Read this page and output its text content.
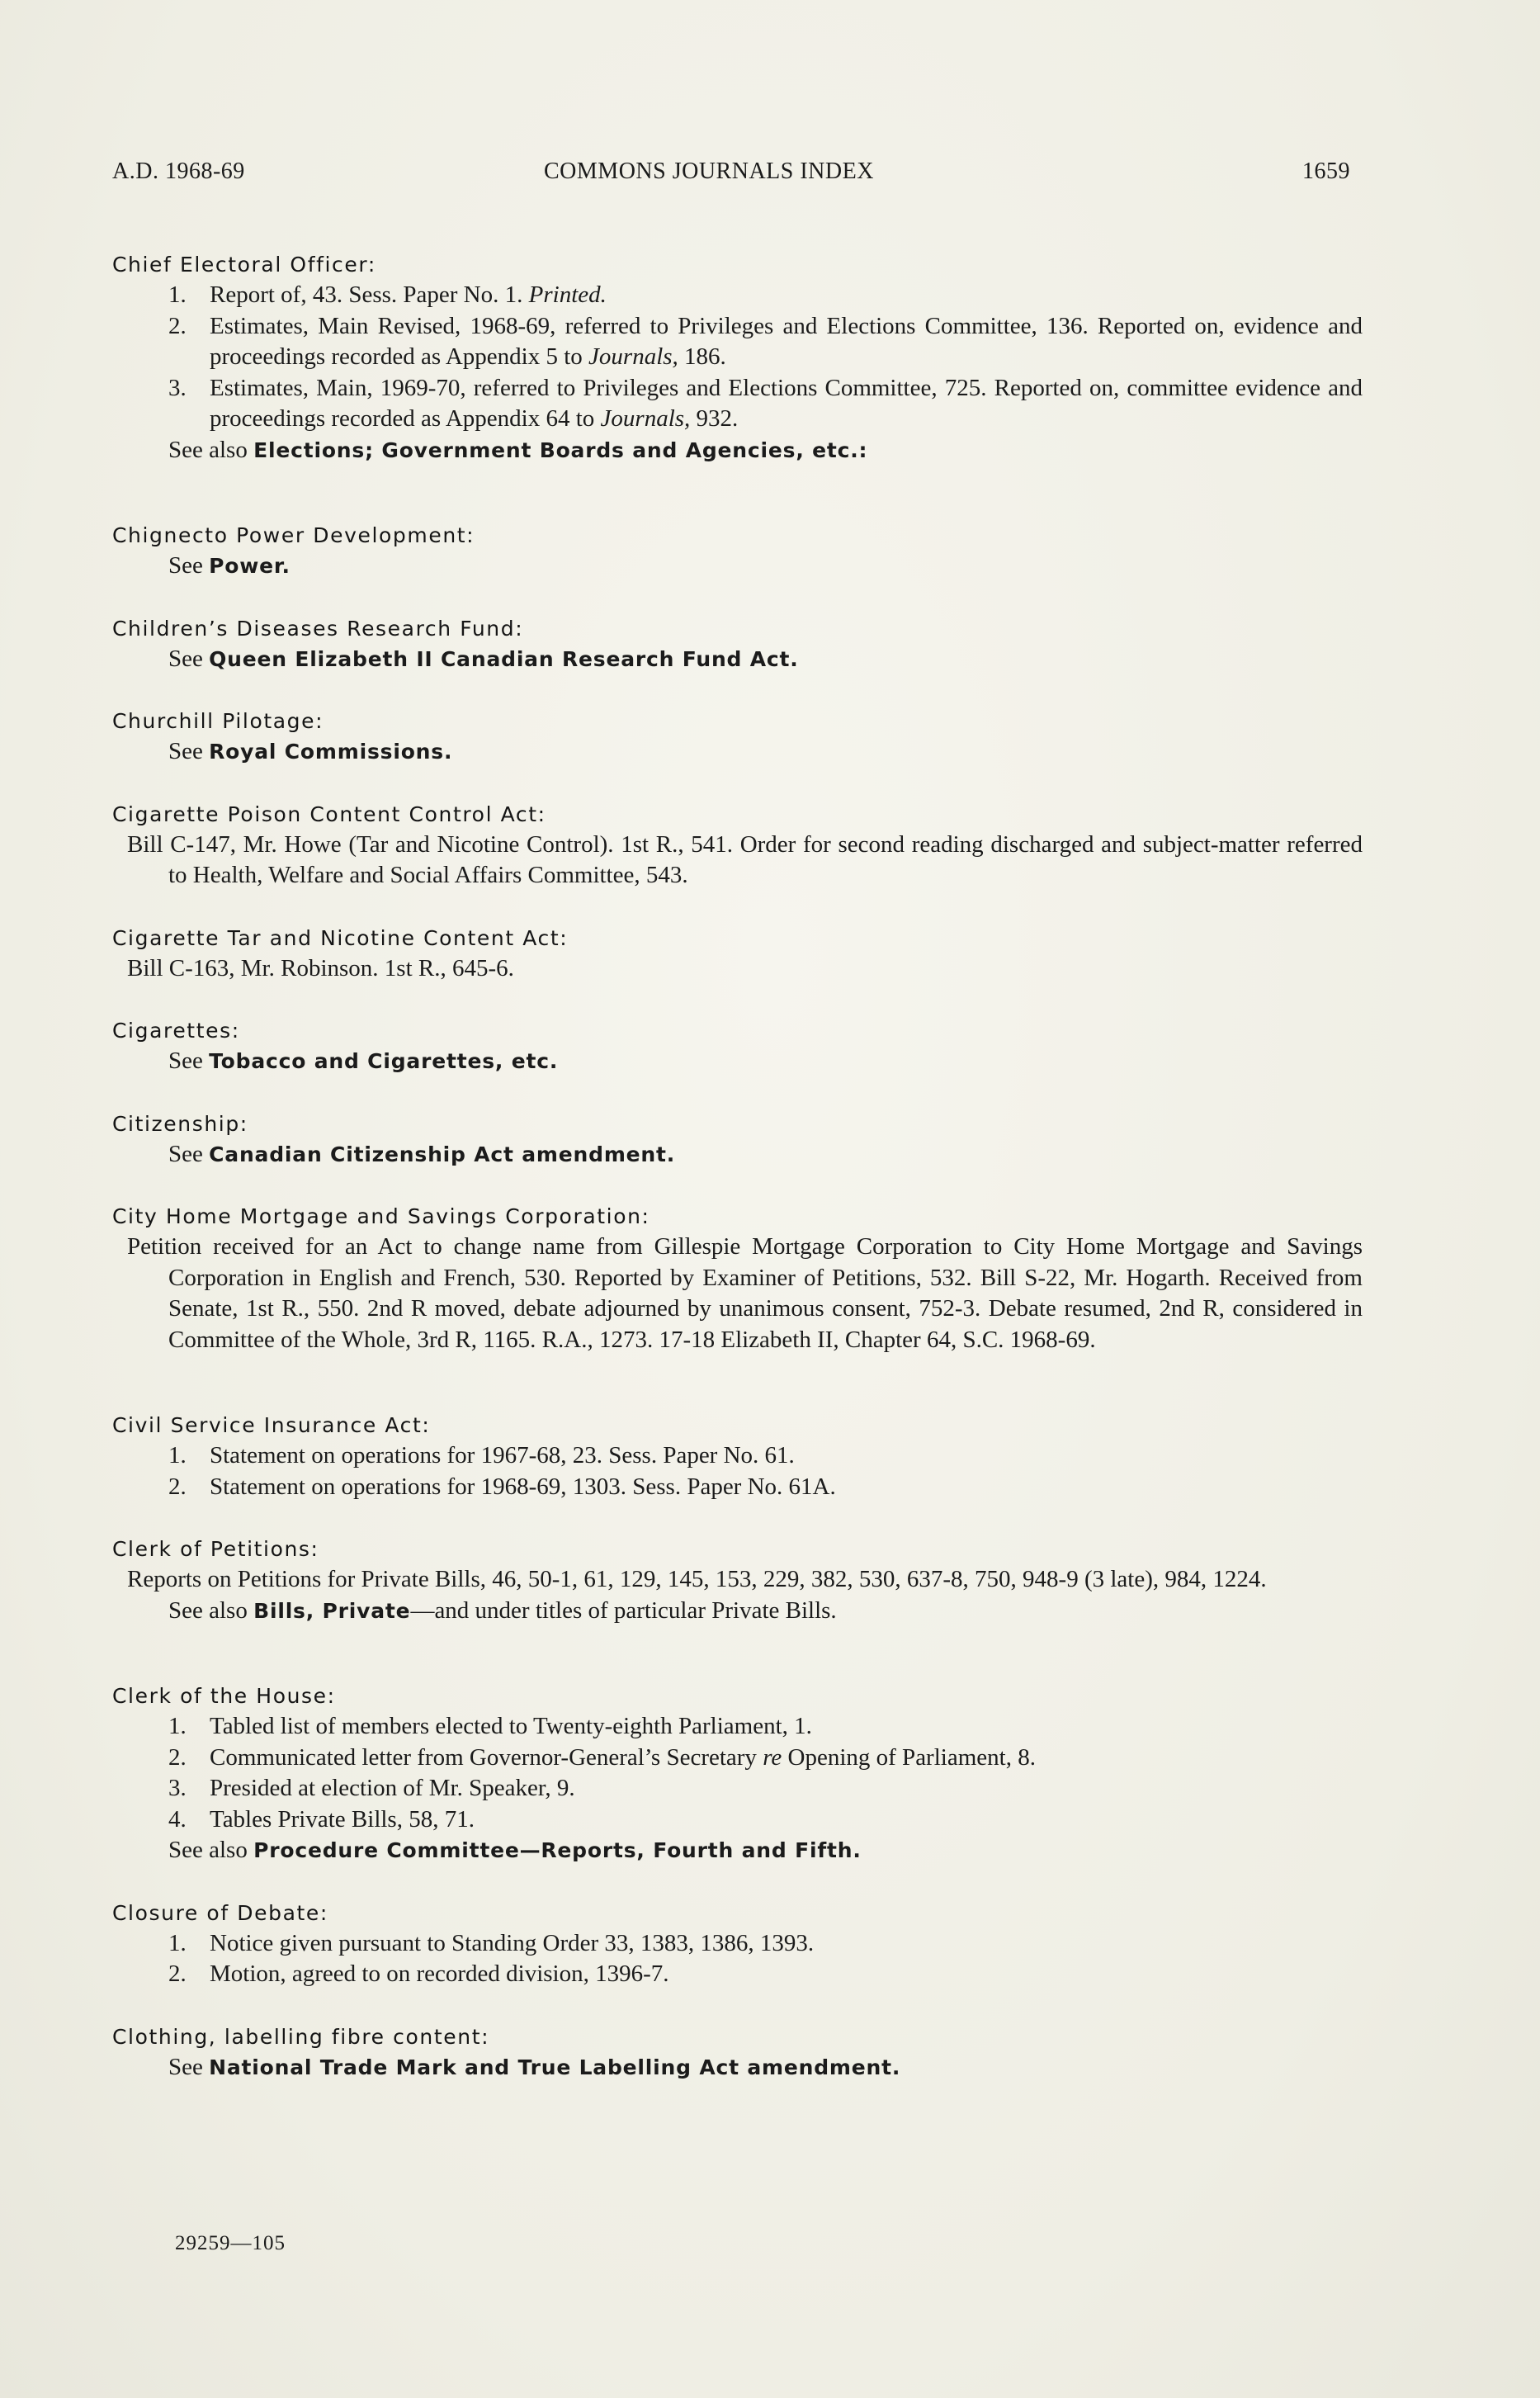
A.D. 1968-69	COMMONS JOURNALS INDEX	1659
Chief Electoral Officer:
1. Report of, 43. Sess. Paper No. 1. Printed.
2. Estimates, Main Revised, 1968-69, referred to Privileges and Elections Committee, 136. Reported on, evidence and proceedings recorded as Appendix 5 to Journals, 186.
3. Estimates, Main, 1969-70, referred to Privileges and Elections Committee, 725. Reported on, committee evidence and proceedings recorded as Appendix 64 to Journals, 932.
See also Elections; Government Boards and Agencies, etc.:
Chignecto Power Development:
See Power.
Children’s Diseases Research Fund:
See Queen Elizabeth II Canadian Research Fund Act.
Churchill Pilotage:
See Royal Commissions.
Cigarette Poison Content Control Act:
Bill C-147, Mr. Howe (Tar and Nicotine Control). 1st R., 541. Order for second reading discharged and subject-matter referred to Health, Welfare and Social Affairs Committee, 543.
Cigarette Tar and Nicotine Content Act:
Bill C-163, Mr. Robinson. 1st R., 645-6.
Cigarettes:
See Tobacco and Cigarettes, etc.
Citizenship:
See Canadian Citizenship Act amendment.
City Home Mortgage and Savings Corporation:
Petition received for an Act to change name from Gillespie Mortgage Corporation to City Home Mortgage and Savings Corporation in English and French, 530. Reported by Examiner of Petitions, 532. Bill S-22, Mr. Hogarth. Received from Senate, 1st R., 550. 2nd R moved, debate adjourned by unanimous consent, 752-3. Debate resumed, 2nd R, considered in Committee of the Whole, 3rd R, 1165. R.A., 1273. 17-18 Elizabeth II, Chapter 64, S.C. 1968-69.
Civil Service Insurance Act:
1. Statement on operations for 1967-68, 23. Sess. Paper No. 61.
2. Statement on operations for 1968-69, 1303. Sess. Paper No. 61A.
Clerk of Petitions:
Reports on Petitions for Private Bills, 46, 50-1, 61, 129, 145, 153, 229, 382, 530, 637-8, 750, 948-9 (3 late), 984, 1224.
See also Bills, Private—and under titles of particular Private Bills.
Clerk of the House:
1. Tabled list of members elected to Twenty-eighth Parliament, 1.
2. Communicated letter from Governor-General’s Secretary re Opening of Parliament, 8.
3. Presided at election of Mr. Speaker, 9.
4. Tables Private Bills, 58, 71.
See also Procedure Committee—Reports, Fourth and Fifth.
Closure of Debate:
1. Notice given pursuant to Standing Order 33, 1383, 1386, 1393.
2. Motion, agreed to on recorded division, 1396-7.
Clothing, labelling fibre content:
See National Trade Mark and True Labelling Act amendment.
29259—105
